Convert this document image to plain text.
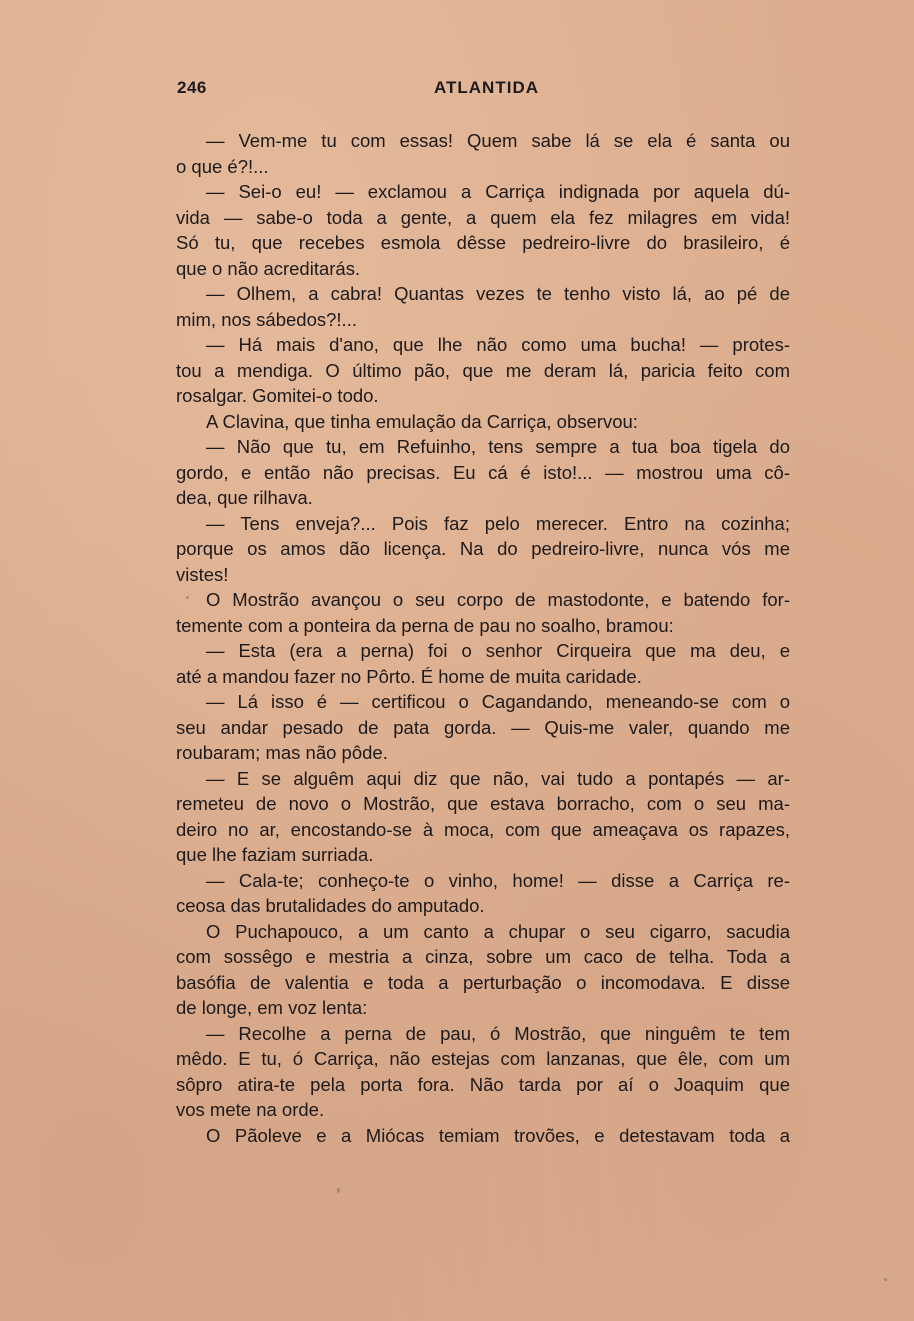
246	ATLANTIDA
— Vem-me tu com essas! Quem sabe lá se ela é santa ou
o que é?!...
— Sei-o eu! — exclamou a Carriça indignada por aquela dú-
vida — sabe-o toda a gente, a quem ela fez milagres em vida!
Só tu, que recebes esmola dêsse pedreiro-livre do brasileiro, é
que o não acreditarás.
— Olhem, a cabra! Quantas vezes te tenho visto lá, ao pé de
mim, nos sábedos?!...
— Há mais d'ano, que lhe não como uma bucha! — protes-
tou a mendiga. O último pão, que me deram lá, paricia feito com
rosalgar. Gomitei-o todo.
A Clavina, que tinha emulação da Carriça, observou:
— Não que tu, em Refuinho, tens sempre a tua boa tigela do
gordo, e então não precisas. Eu cá é isto!... — mostrou uma cô-
dea, que rilhava.
— Tens enveja?... Pois faz pelo merecer. Entro na cozinha;
porque os amos dão licença. Na do pedreiro-livre, nunca vós me
vistes!
O Mostrão avançou o seu corpo de mastodonte, e batendo for-
temente com a ponteira da perna de pau no soalho, bramou:
— Esta (era a perna) foi o senhor Cirqueira que ma deu, e
até a mandou fazer no Pôrto. É home de muita caridade.
— Lá isso é — certificou o Cagandando, meneando-se com o
seu andar pesado de pata gorda. — Quis-me valer, quando me
roubaram; mas não pôde.
— E se alguêm aqui diz que não, vai tudo a pontapés — ar-
remeteu de novo o Mostrão, que estava borracho, com o seu ma-
deiro no ar, encostando-se à moca, com que ameaçava os rapazes,
que lhe faziam surriada.
— Cala-te; conheço-te o vinho, home! — disse a Carriça re-
ceosa das brutalidades do amputado.
O Puchapouco, a um canto a chupar o seu cigarro, sacudia
com sossêgo e mestria a cinza, sobre um caco de telha. Toda a
basófia de valentia e toda a perturbação o incomodava. E disse
de longe, em voz lenta:
— Recolhe a perna de pau, ó Mostrão, que ninguêm te tem
mêdo. E tu, ó Carriça, não estejas com lanzanas, que êle, com um
sôpro atira-te pela porta fora. Não tarda por aí o Joaquim que
vos mete na orde.
O Pãoleve e a Miócas temiam trovões, e detestavam toda a
